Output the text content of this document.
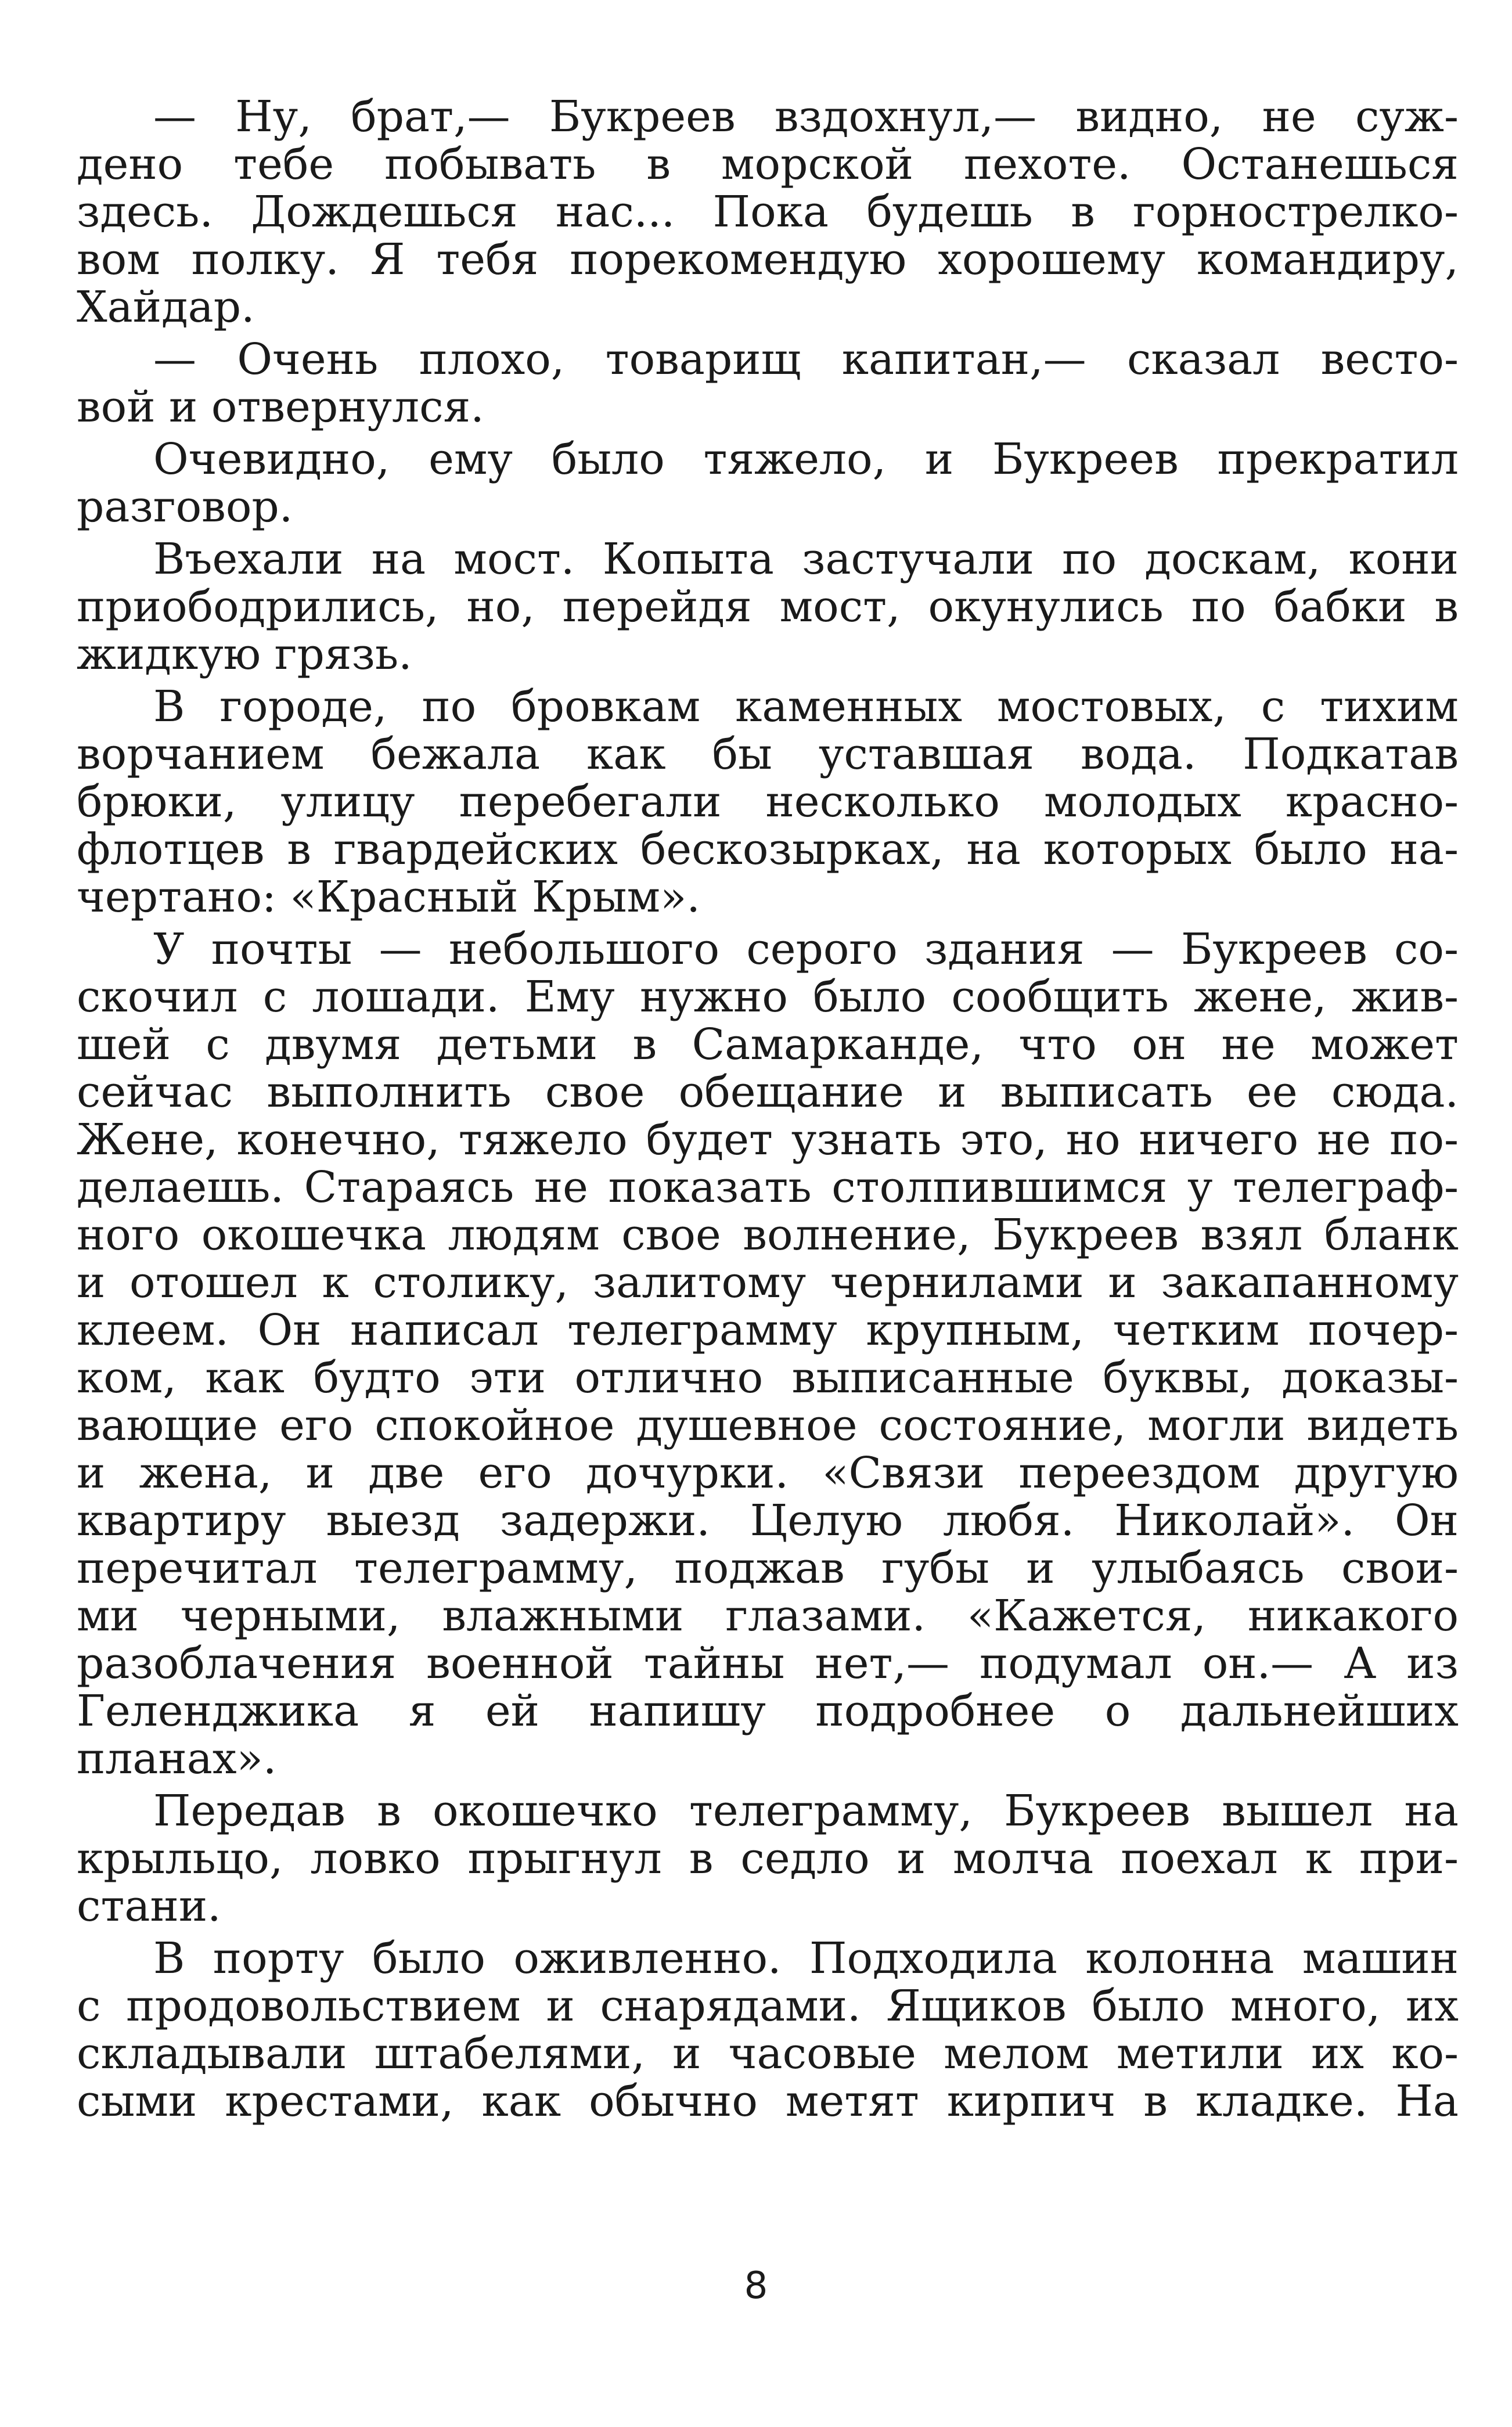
— Ну, брат,— Букреев вздохнул,— видно, не суж-
дено тебе побывать в морской пехоте. Останешься
здесь. Дождешься нас... Пока будешь в горнострелко-
вом полку. Я тебя порекомендую хорошему командиру,
Хайдар.
— Очень плохо, товарищ капитан,— сказал весто-
вой и отвернулся.
Очевидно, ему было тяжело, и Букреев прекратил
разговор.
Въехали на мост. Копыта застучали по доскам, кони
приободрились, но, перейдя мост, окунулись по бабки в
жидкую грязь.
В городе, по бровкам каменных мостовых, с тихим
ворчанием бежала как бы уставшая вода. Подкатав
брюки, улицу перебегали несколько молодых красно-
флотцев в гвардейских бескозырках, на которых было на-
чертано: «Красный Крым».
У почты — небольшого серого здания — Букреев со-
скочил с лошади. Ему нужно было сообщить жене, жив-
шей с двумя детьми в Самарканде, что он не может
сейчас выполнить свое обещание и выписать ее сюда.
Жене, конечно, тяжело будет узнать это, но ничего не по-
делаешь. Стараясь не показать столпившимся у телеграф-
ного окошечка людям свое волнение, Букреев взял бланк
и отошел к столику, залитому чернилами и закапанному
клеем. Он написал телеграмму крупным, четким почер-
ком, как будто эти отлично выписанные буквы, доказы-
вающие его спокойное душевное состояние, могли видеть
и жена, и две его дочурки. «Связи переездом другую
квартиру выезд задержи. Целую любя. Николай». Он
перечитал телеграмму, поджав губы и улыбаясь свои-
ми черными, влажными глазами. «Кажется, никакого
разоблачения военной тайны нет,— подумал он.— А из
Геленджика я ей напишу подробнее о дальнейших
планах».
Передав в окошечко телеграмму, Букреев вышел на
крыльцо, ловко прыгнул в седло и молча поехал к при-
стани.
В порту было оживленно. Подходила колонна машин
с продовольствием и снарядами. Ящиков было много, их
складывали штабелями, и часовые мелом метили их ко-
сыми крестами, как обычно метят кирпич в кладке. На
8
